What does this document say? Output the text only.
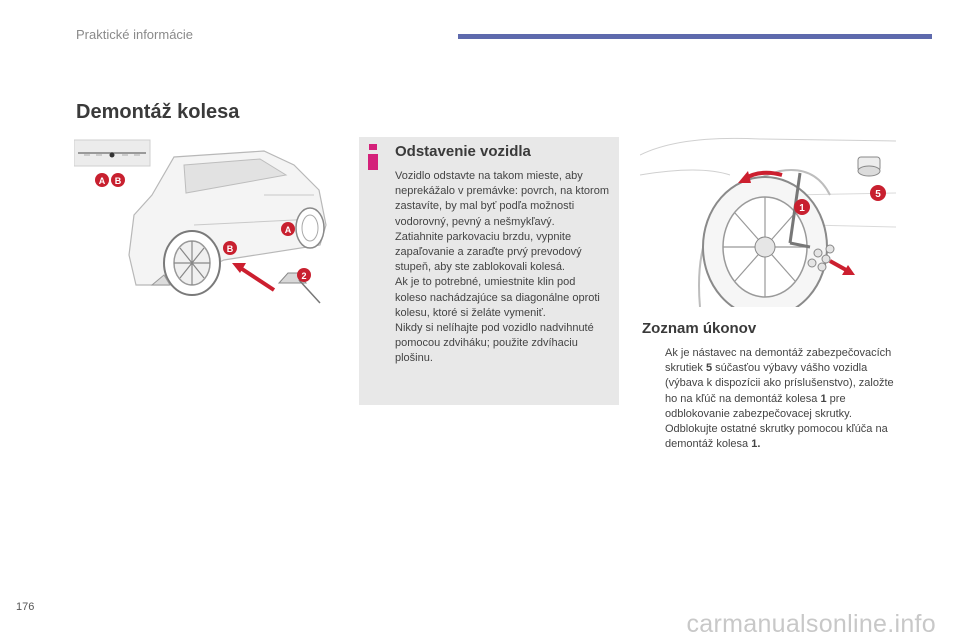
Praktické informácie
Demontáž kolesa
A B
A
B
2
Odstavenie vozidla

Vozidlo odstavte na takom mieste, aby neprekážalo v premávke: povrch, na ktorom zastavíte, by mal byť podľa možnosti vodorovný, pevný a nešmykľavý.

Zatiahnite parkovaciu brzdu, vypnite zapaľovanie a zaraďte prvý prevodový stupeň, aby ste zablokovali kolesá.

Ak je to potrebné, umiestnite klin pod koleso nachádzajúce sa diagonálne oproti kolesu, ktoré si želáte vymeniť.

Nikdy si nelíhajte pod vozidlo nadvihnuté pomocou zdviháku; použite zdvíhaciu plošinu.

1
5
Zoznam úkonov
Ak je nástavec na demontáž zabezpečovacích skrutiek 5 súčasťou výbavy vášho vozidla (výbava k dispozícii ako príslušenstvo), založte ho na kľúč na demontáž kolesa 1 pre odblokovanie zabezpečovacej skrutky.
Odblokujte ostatné skrutky pomocou kľúča na demontáž kolesa 1.
176
carmanualsonline.info
